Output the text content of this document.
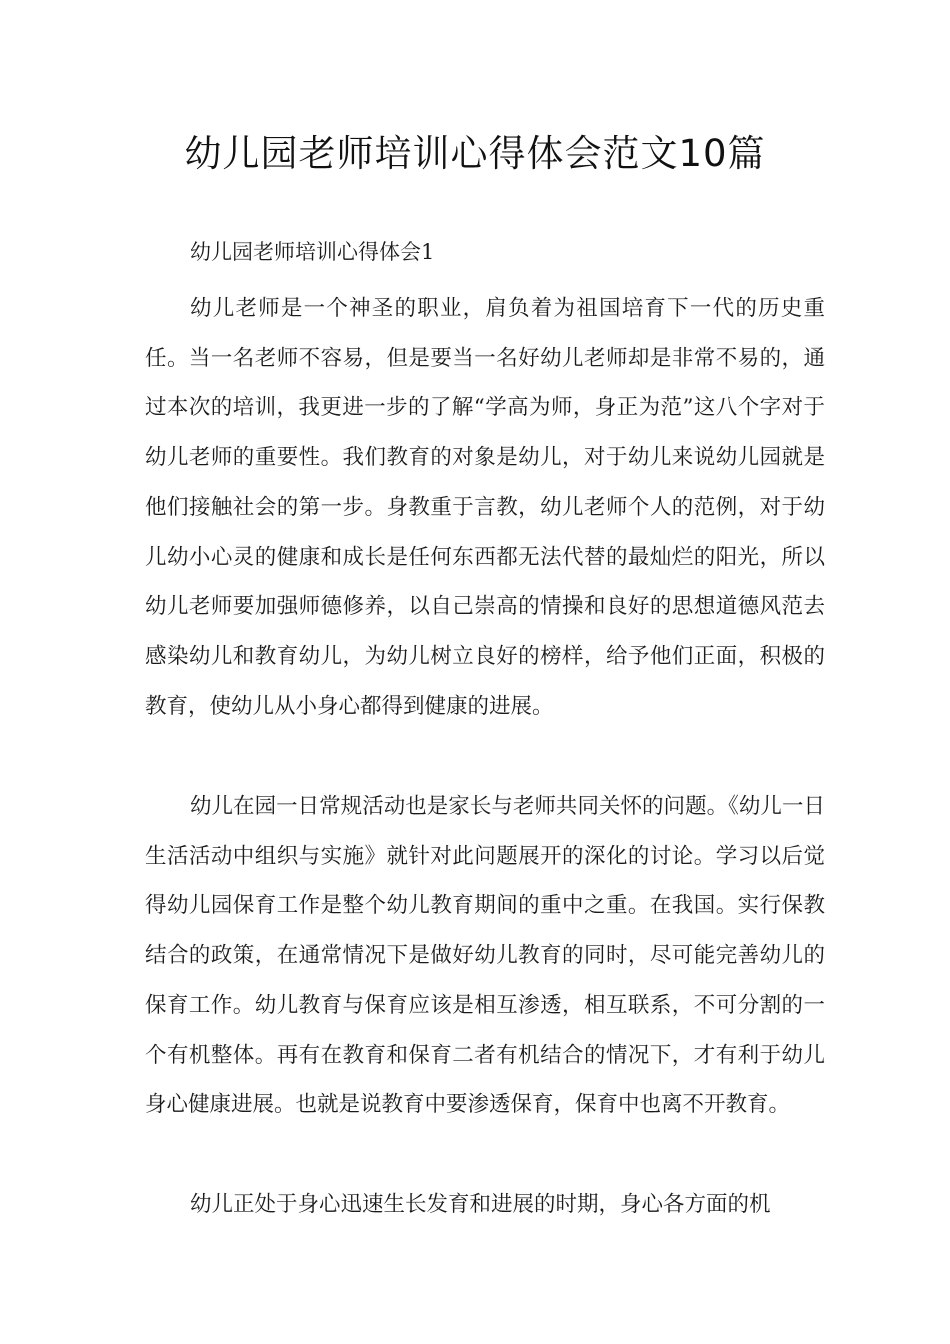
幼儿园老师培训心得体会范文10篇
幼儿园老师培训心得体会1

幼儿老师是一个神圣的职业，肩负着为祖国培育下一代的历史重任。当一名老师不容易，但是要当一名好幼儿老师却是非常不易的，通过本次的培训，我更进一步的了解“学高为师，身正为范”这八个字对于幼儿老师的重要性。我们教育的对象是幼儿，对于幼儿来说幼儿园就是他们接触社会的第一步。身教重于言教，幼儿老师个人的范例，对于幼儿幼小心灵的健康和成长是任何东西都无法代替的最灿烂的阳光，所以幼儿老师要加强师德修养，以自己崇高的情操和良好的思想道德风范去感染幼儿和教育幼儿，为幼儿树立良好的榜样，给予他们正面，积极的教育，使幼儿从小身心都得到健康的进展。

幼儿在园一日常规活动也是家长与老师共同关怀的问题。《幼儿一日生活活动中组织与实施》就针对此问题展开的深化的讨论。学习以后觉得幼儿园保育工作是整个幼儿教育期间的重中之重。在我国。实行保教结合的政策，在通常情况下是做好幼儿教育的同时，尽可能完善幼儿的保育工作。幼儿教育与保育应该是相互渗透，相互联系，不可分割的一个有机整体。再有在教育和保育二者有机结合的情况下，才有利于幼儿身心健康进展。也就是说教育中要渗透保育，保育中也离不开教育。

幼儿正处于身心迅速生长发育和进展的时期，身心各方面的机
